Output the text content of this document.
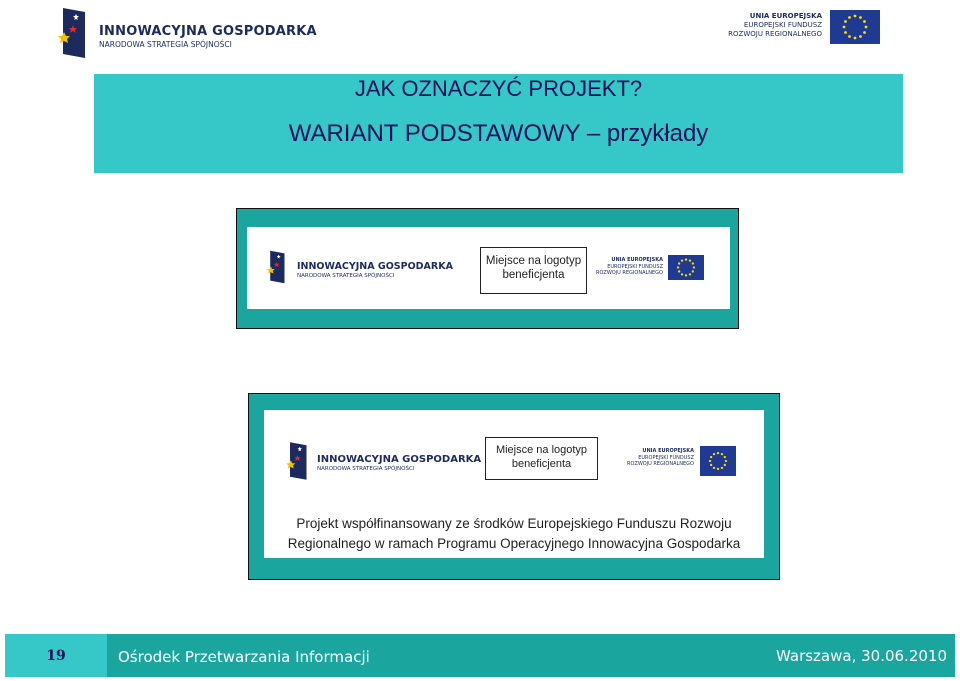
INNOWACYJNA GOSPODARKA
NARODOWA STRATEGIA SPÓJNOŚCI
UNIA EUROPEJSKA
EUROPEJSKI FUNDUSZ
ROZWOJU REGIONALNEGO
JAK OZNACZYĆ PROJEKT?
WARIANT PODSTAWOWY – przykłady
INNOWACYJNA GOSPODARKA
NARODOWA STRATEGIA SPÓJNOŚCI
Miejsce na logotyp
beneficjenta
UNIA EUROPEJSKA
EUROPEJSKI FUNDUSZ
ROZWOJU REGIONALNEGO
INNOWACYJNA GOSPODARKA
NARODOWA STRATEGIA SPÓJNOŚCI
Miejsce na logotyp
beneficjenta
UNIA EUROPEJSKA
EUROPEJSKI FUNDUSZ
ROZWOJU REGIONALNEGO
Projekt współfinansowany ze środków Europejskiego Funduszu Rozwoju
Regionalnego w ramach Programu Operacyjnego Innowacyjna Gospodarka
19	Ośrodek Przetwarzania Informacji	Warszawa, 30.06.2010
